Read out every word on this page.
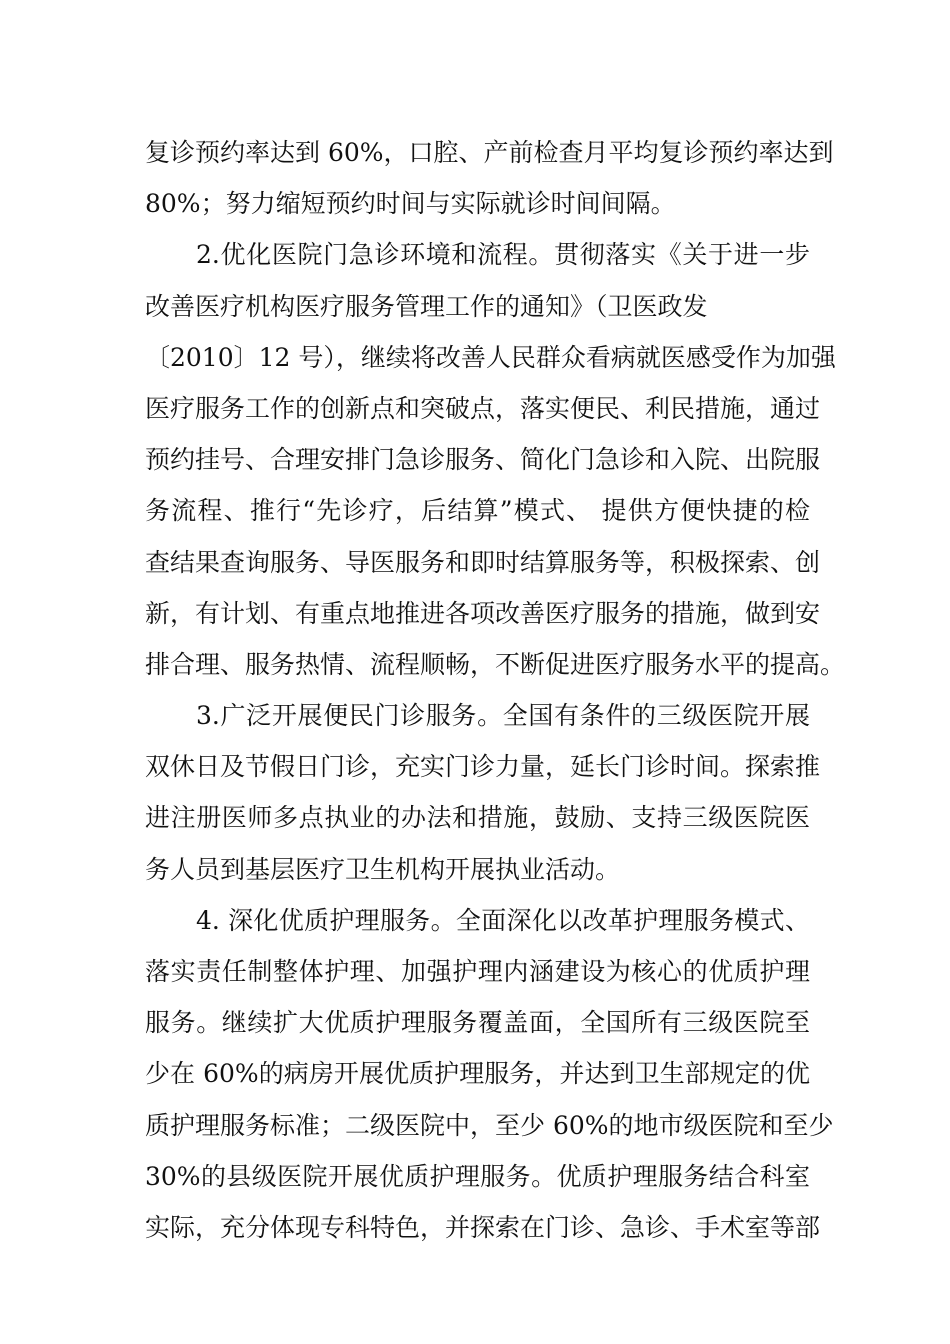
复诊预约率达到 60%，口腔、产前检查月平均复诊预约率达到
80%；努力缩短预约时间与实际就诊时间间隔。
2.优化医院门急诊环境和流程。贯彻落实《关于进一步
改善医疗机构医疗服务管理工作的通知》（卫医政发
〔2010〕12 号），继续将改善人民群众看病就医感受作为加强
医疗服务工作的创新点和突破点，落实便民、利民措施，通过
预约挂号、合理安排门急诊服务、简化门急诊和入院、出院服
务流程、推行“先诊疗，后结算”模式、 提供方便快捷的检
查结果查询服务、导医服务和即时结算服务等，积极探索、创
新，有计划、有重点地推进各项改善医疗服务的措施，做到安
排合理、服务热情、流程顺畅，不断促进医疗服务水平的提高。
3.广泛开展便民门诊服务。全国有条件的三级医院开展
双休日及节假日门诊，充实门诊力量，延长门诊时间。探索推
进注册医师多点执业的办法和措施，鼓励、支持三级医院医
务人员到基层医疗卫生机构开展执业活动。
4. 深化优质护理服务。全面深化以改革护理服务模式、
落实责任制整体护理、加强护理内涵建设为核心的优质护理
服务。继续扩大优质护理服务覆盖面，全国所有三级医院至
少在 60%的病房开展优质护理服务，并达到卫生部规定的优
质护理服务标准；二级医院中，至少 60%的地市级医院和至少
30%的县级医院开展优质护理服务。优质护理服务结合科室
实际，充分体现专科特色，并探索在门诊、急诊、手术室等部
